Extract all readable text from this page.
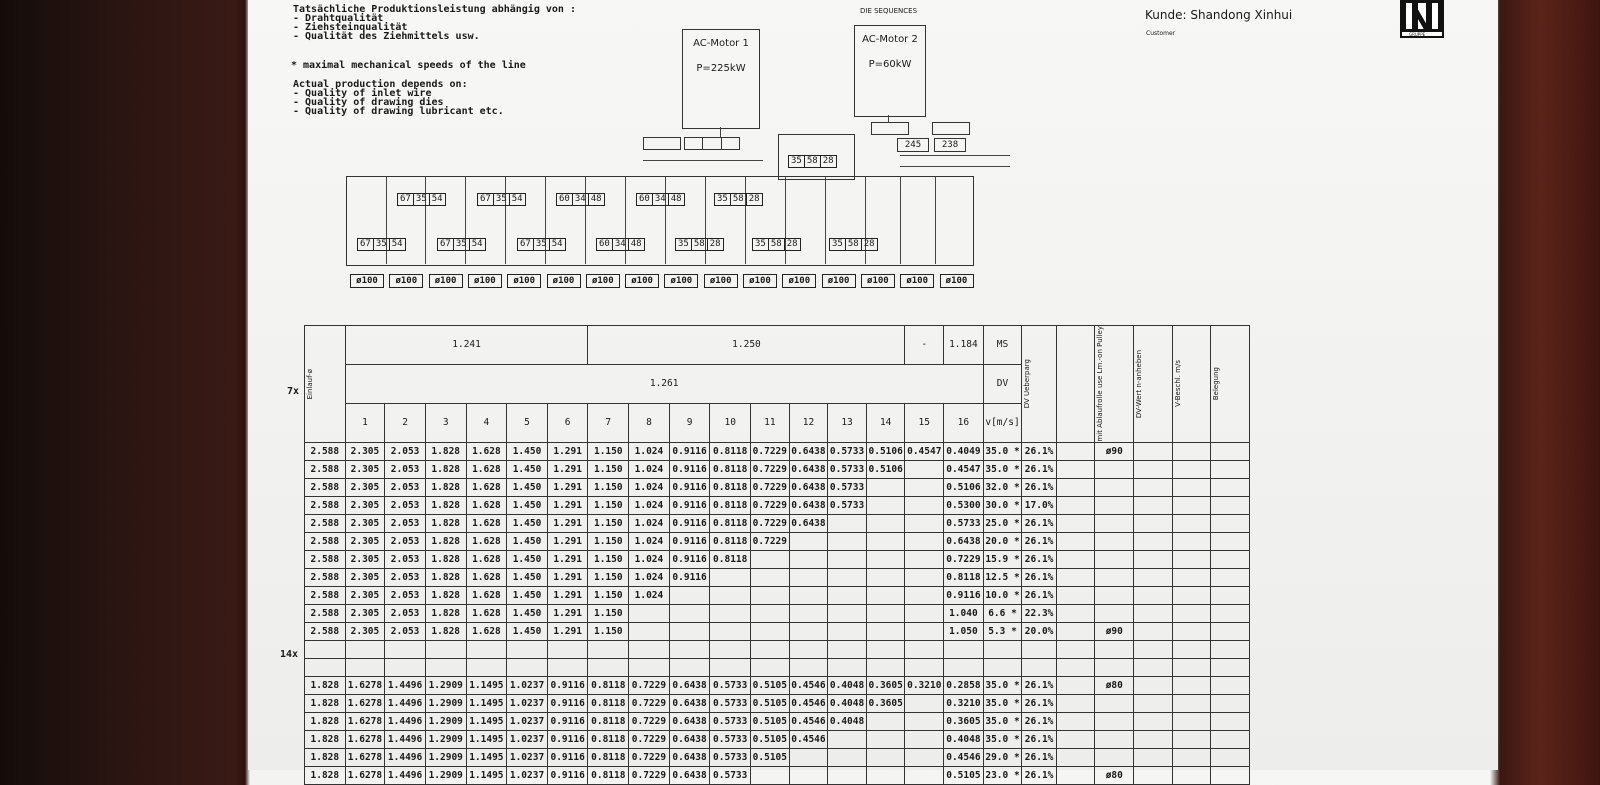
Tatsächliche Produktionsleistung abhängig von :
- Drahtqualität
- Ziehsteinqualität
- Qualität des Ziehmittels usw.
* maximal mechanical speeds of the line
Actual production depends on:
- Quality of inlet wire
- Quality of drawing dies
- Quality of drawing lubricant etc.
DIE SEQUENCES	Kunde: Shandong Xinhui
Customer	GRUPPE
AC-Motor 1
P=225kW
AC-Motor 2
P=60kW
245	238
35 58 28
67 35 54	67 35 54	60 34 48	60 34 48	35 58 28
67 35 54	67 35 54	67 35 54	60 34 48	35 58 28	35 58 28	35 58 28
ø100	ø100	ø100	ø100	ø100	ø100	ø100	ø100	ø100	ø100	ø100	ø100	ø100	ø100	ø100	ø100
7x
14x
Einlauf-ø	1.241						1.250								-	1.184	MS	DV Ueberparg		mit Ablaufrolle use Lm.-on Pulley	DV-Wert n-anheben	V-Beschl. m/s	Belegung

	1.261																DV						
	1	2	3	4	5	6	7	8	9	10	11	12	13	14	15	16	v[m/s]						
2.588	2.305	2.053	1.828	1.628	1.450	1.291	1.150	1.024	0.9116	0.8118	0.7229	0.6438	0.5733	0.5106	0.4547	0.4049	35.0 *	26.1%		ø90			
2.588	2.305	2.053	1.828	1.628	1.450	1.291	1.150	1.024	0.9116	0.8118	0.7229	0.6438	0.5733	0.5106		0.4547	35.0 *	26.1%					
2.588	2.305	2.053	1.828	1.628	1.450	1.291	1.150	1.024	0.9116	0.8118	0.7229	0.6438	0.5733			0.5106	32.0 *	26.1%					
2.588	2.305	2.053	1.828	1.628	1.450	1.291	1.150	1.024	0.9116	0.8118	0.7229	0.6438	0.5733			0.5300	30.0 *	17.0%					
2.588	2.305	2.053	1.828	1.628	1.450	1.291	1.150	1.024	0.9116	0.8118	0.7229	0.6438				0.5733	25.0 *	26.1%					
2.588	2.305	2.053	1.828	1.628	1.450	1.291	1.150	1.024	0.9116	0.8118	0.7229					0.6438	20.0 *	26.1%					
2.588	2.305	2.053	1.828	1.628	1.450	1.291	1.150	1.024	0.9116	0.8118						0.7229	15.9 *	26.1%					
2.588	2.305	2.053	1.828	1.628	1.450	1.291	1.150	1.024	0.9116							0.8118	12.5 *	26.1%					
2.588	2.305	2.053	1.828	1.628	1.450	1.291	1.150	1.024								0.9116	10.0 *	26.1%					
2.588	2.305	2.053	1.828	1.628	1.450	1.291	1.150									1.040	6.6 *	22.3%					
2.588	2.305	2.053	1.828	1.628	1.450	1.291	1.150									1.050	5.3 *	20.0%		ø90			

1.828	1.6278	1.4496	1.2909	1.1495	1.0237	0.9116	0.8118	0.7229	0.6438	0.5733	0.5105	0.4546	0.4048	0.3605	0.3210	0.2858	35.0 *	26.1%		ø80			
1.828	1.6278	1.4496	1.2909	1.1495	1.0237	0.9116	0.8118	0.7229	0.6438	0.5733	0.5105	0.4546	0.4048	0.3605		0.3210	35.0 *	26.1%					
1.828	1.6278	1.4496	1.2909	1.1495	1.0237	0.9116	0.8118	0.7229	0.6438	0.5733	0.5105	0.4546	0.4048			0.3605	35.0 *	26.1%					
1.828	1.6278	1.4496	1.2909	1.1495	1.0237	0.9116	0.8118	0.7229	0.6438	0.5733	0.5105	0.4546				0.4048	35.0 *	26.1%					
1.828	1.6278	1.4496	1.2909	1.1495	1.0237	0.9116	0.8118	0.7229	0.6438	0.5733	0.5105					0.4546	29.0 *	26.1%					
1.828	1.6278	1.4496	1.2909	1.1495	1.0237	0.9116	0.8118	0.7229	0.6438	0.5733						0.5105	23.0 *	26.1%		ø80			
